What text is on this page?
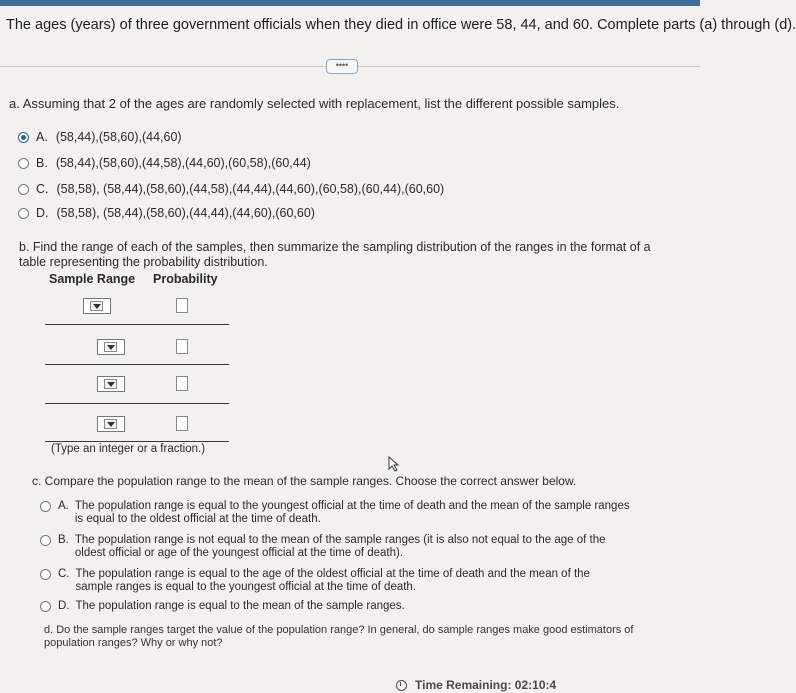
The ages (years) of three government officials when they died in office were 58, 44, and 60. Complete parts (a) through (d).
••••
a. Assuming that 2 of the ages are randomly selected with replacement, list the different possible samples.
A. (58,44),(58,60),(44,60)
B. (58,44),(58,60),(44,58),(44,60),(60,58),(60,44)
C. (58,58), (58,44),(58,60),(44,58),(44,44),(44,60),(60,58),(60,44),(60,60)
D. (58,58), (58,44),(58,60),(44,44),(44,60),(60,60)
b. Find the range of each of the samples, then summarize the sampling distribution of the ranges in the format of a table representing the probability distribution.
Sample Range Probability
(Type an integer or a fraction.)
c. Compare the population range to the mean of the sample ranges. Choose the correct answer below.
A. The population range is equal to the youngest official at the time of death and the mean of the sample ranges is equal to the oldest official at the time of death.
B. The population range is not equal to the mean of the sample ranges (it is also not equal to the age of the oldest official or age of the youngest official at the time of death).
C. The population range is equal to the age of the oldest official at the time of death and the mean of the sample ranges is equal to the youngest official at the time of death.
D. The population range is equal to the mean of the sample ranges.
d. Do the sample ranges target the value of the population range? In general, do sample ranges make good estimators of population ranges? Why or why not?
Time Remaining: 02:10:4
